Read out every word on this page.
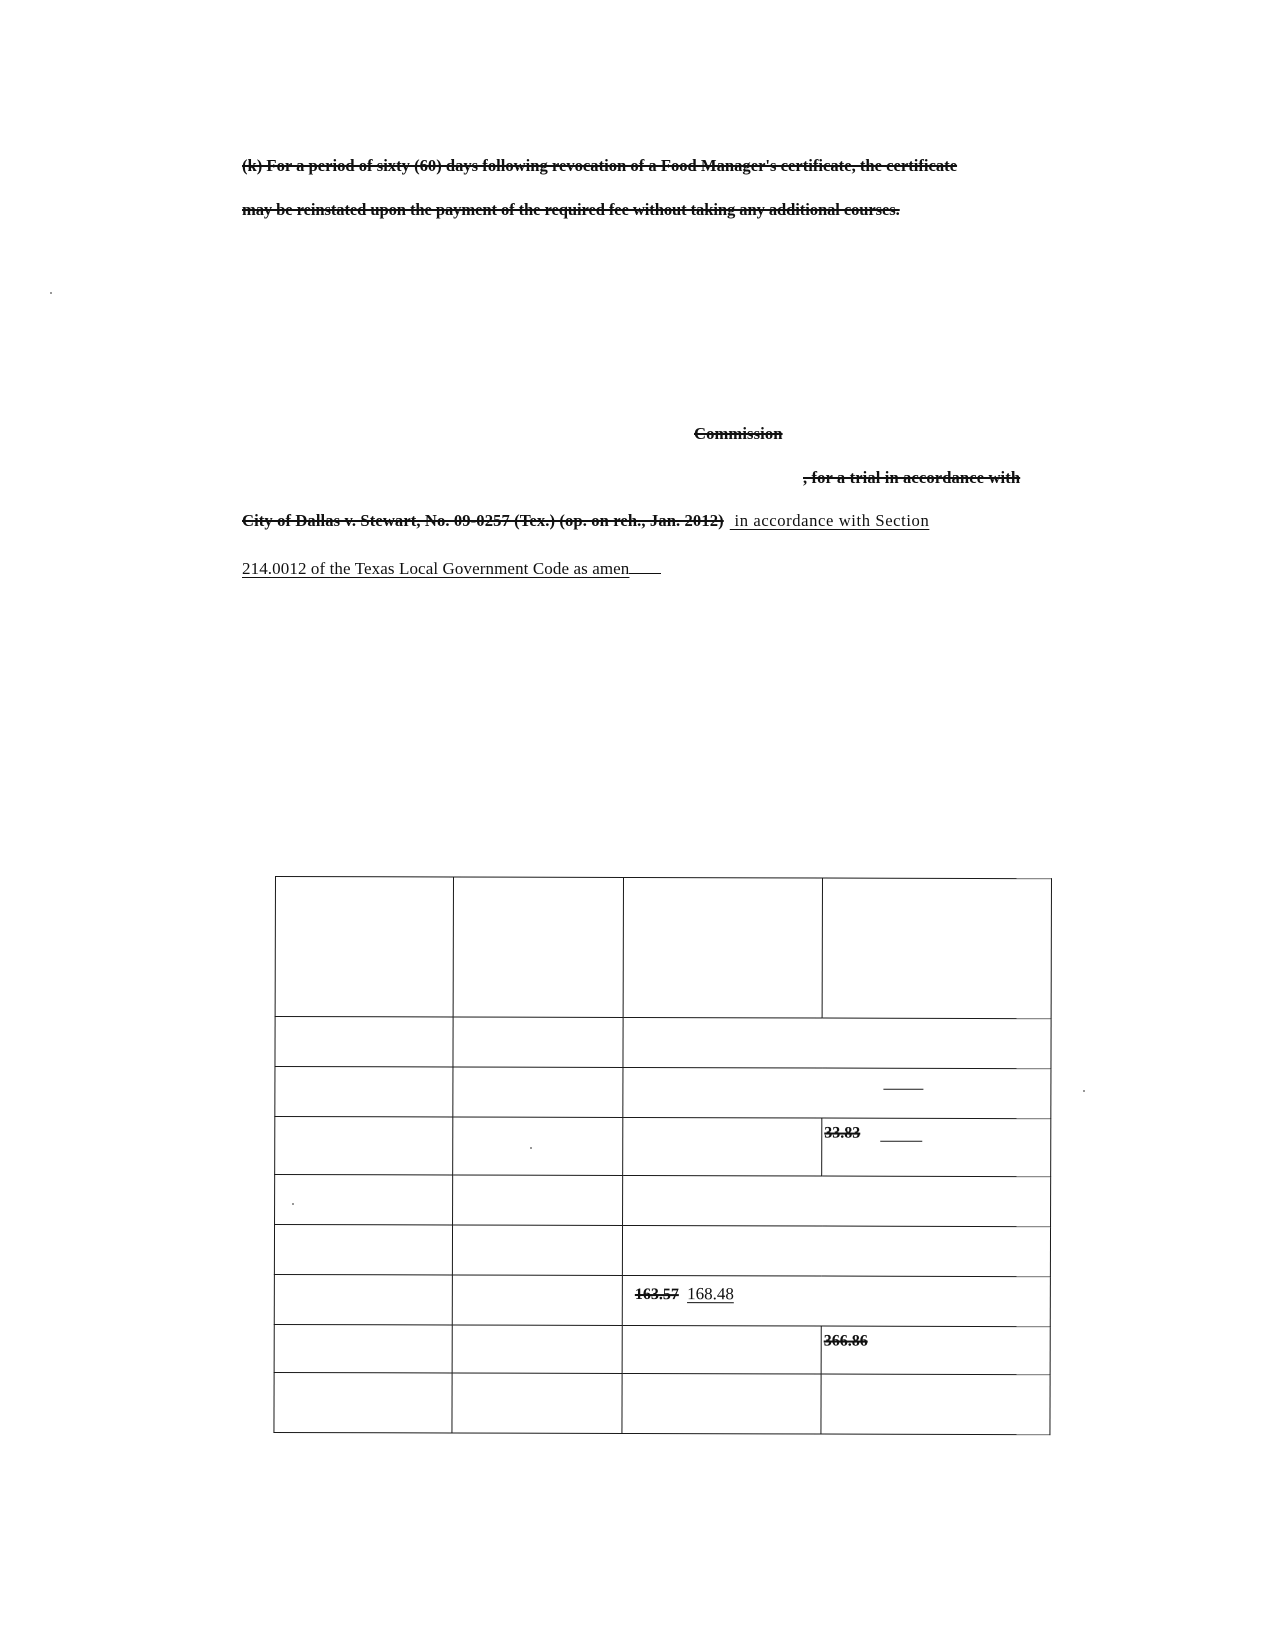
(k) For a period of sixty (60) days following revocation of a Food Manager's certificate, the certificate
may be reinstated upon the payment of the required fee without taking any additional courses.
Commission
, for a trial in accordance with
City of Dallas v. Stewart, No. 09-0257 (Tex.) (op. on reh., Jan. 2012) in accordance with Section
214.0012 of the Texas Local Government Code as amen

			33.83

		163.57 168.48	

			366.86
